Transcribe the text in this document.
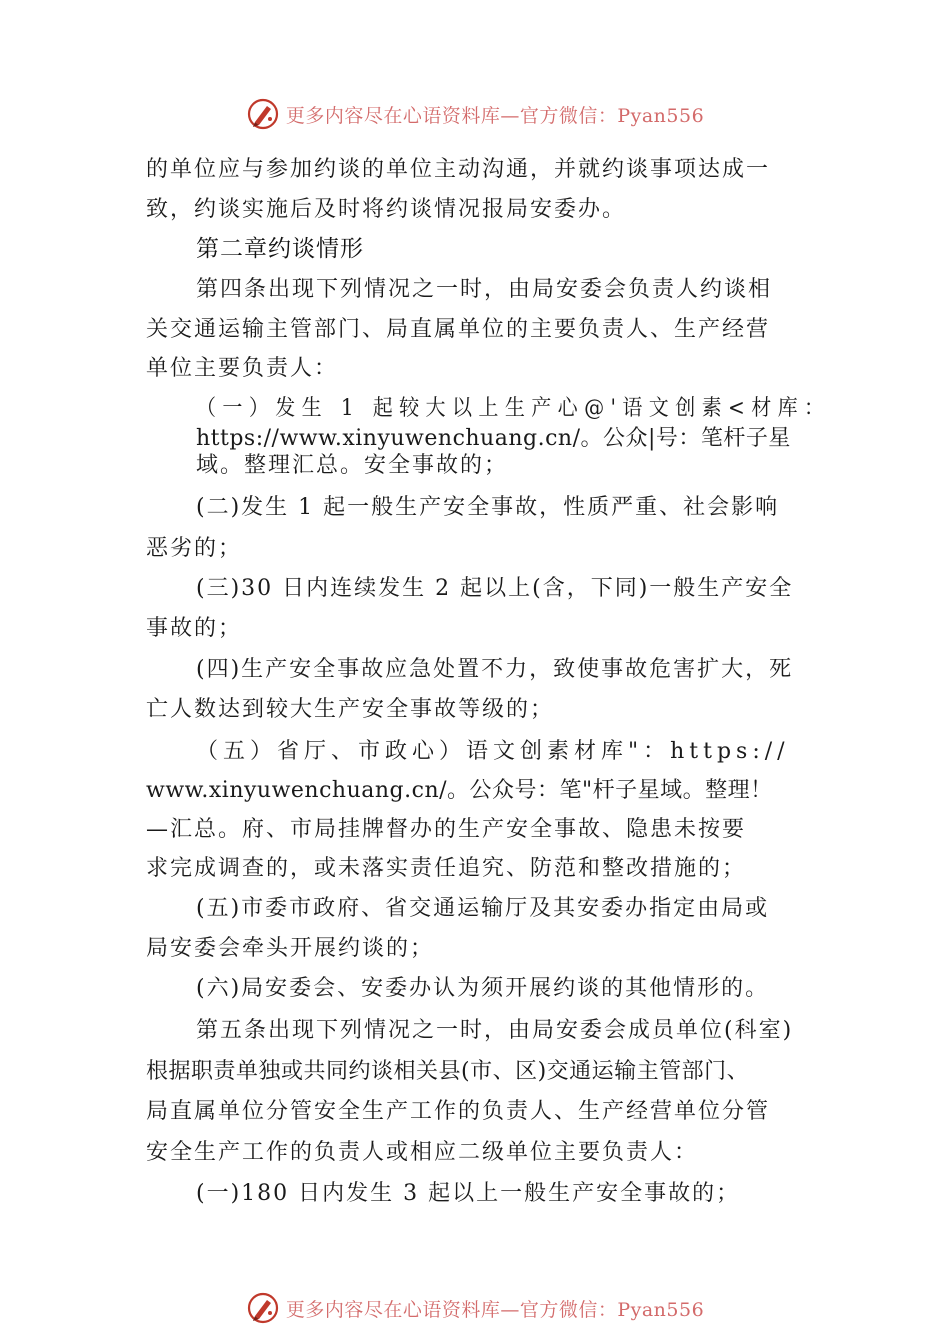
更多内容尽在心语资料库—官方微信：Pyan556
的单位应与参加约谈的单位主动沟通，并就约谈事项达成一
致，约谈实施后及时将约谈情况报局安委办。
第二章约谈情形
第四条出现下列情况之一时，由局安委会负责人约谈相
关交通运输主管部门、局直属单位的主要负责人、生产经营
单位主要负责人：
（一）发生 1 起较大以上生产心@'语文创素<材库：
https://www.xinyuwenchuang.cn/。公众|号：笔杆子星
域。整理汇总。安全事故的；
(二)发生 1 起一般生产安全事故，性质严重、社会影响
恶劣的；
(三)30 日内连续发生 2 起以上(含，下同)一般生产安全
事故的；
(四)生产安全事故应急处置不力，致使事故危害扩大，死
亡人数达到较大生产安全事故等级的；
（五）省厅、市政心）语文创素材库"：https://
www.xinyuwenchuang.cn/。公众号：笔"杆子星域。整理！
—汇总。府、市局挂牌督办的生产安全事故、隐患未按要
求完成调查的，或未落实责任追究、防范和整改措施的；
(五)市委市政府、省交通运输厅及其安委办指定由局或
局安委会牵头开展约谈的；
(六)局安委会、安委办认为须开展约谈的其他情形的。
第五条出现下列情况之一时，由局安委会成员单位(科室)
根据职责单独或共同约谈相关县(市、区)交通运输主管部门、
局直属单位分管安全生产工作的负责人、生产经营单位分管
安全生产工作的负责人或相应二级单位主要负责人：
(一)180 日内发生 3 起以上一般生产安全事故的；
更多内容尽在心语资料库—官方微信：Pyan556
